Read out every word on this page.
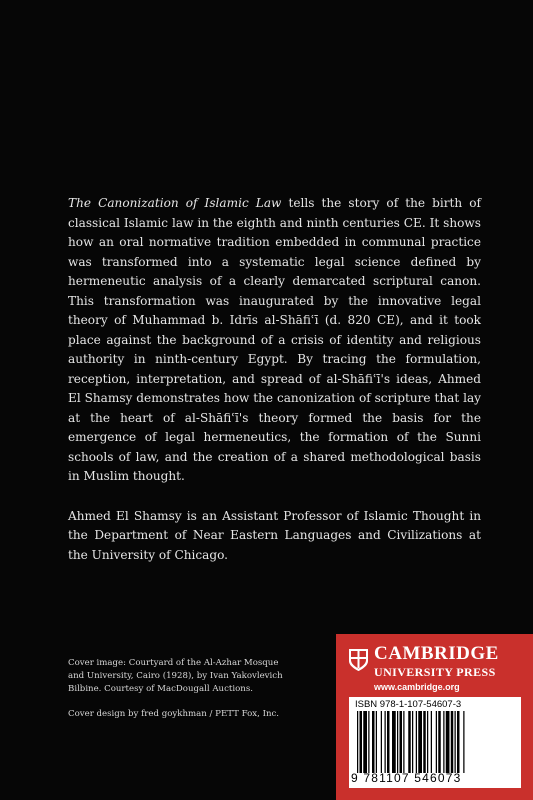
The Canonization of Islamic Law tells the story of the birth of classical Islamic law in the eighth and ninth centuries CE. It shows how an oral normative tradition embedded in communal practice was transformed into a systematic legal science defined by hermeneutic analysis of a clearly demarcated scriptural canon. This transformation was inaugurated by the innovative legal theory of Muhammad b. Idrīs al-Shāfiʿī (d. 820 CE), and it took place against the background of a crisis of identity and religious authority in ninth-century Egypt. By tracing the formulation, reception, interpretation, and spread of al-Shāfiʿī's ideas, Ahmed El Shamsy demonstrates how the canonization of scripture that lay at the heart of al-Shāfiʿī's theory formed the basis for the emergence of legal hermeneutics, the formation of the Sunni schools of law, and the creation of a shared methodological basis in Muslim thought.

Ahmed El Shamsy is an Assistant Professor of Islamic Thought in the Department of Near Eastern Languages and Civilizations at the University of Chicago.

Cover image: Courtyard of the Al-Azhar Mosque and University, Cairo (1928), by Ivan Yakovlevich Bilbine. Courtesy of MacDougall Auctions.

Cover design by fred goykhman / PETT Fox, Inc.

CAMBRIDGE
UNIVERSITY PRESS
www.cambridge.org
ISBN 978-1-107-54607-3
9 781107 546073
